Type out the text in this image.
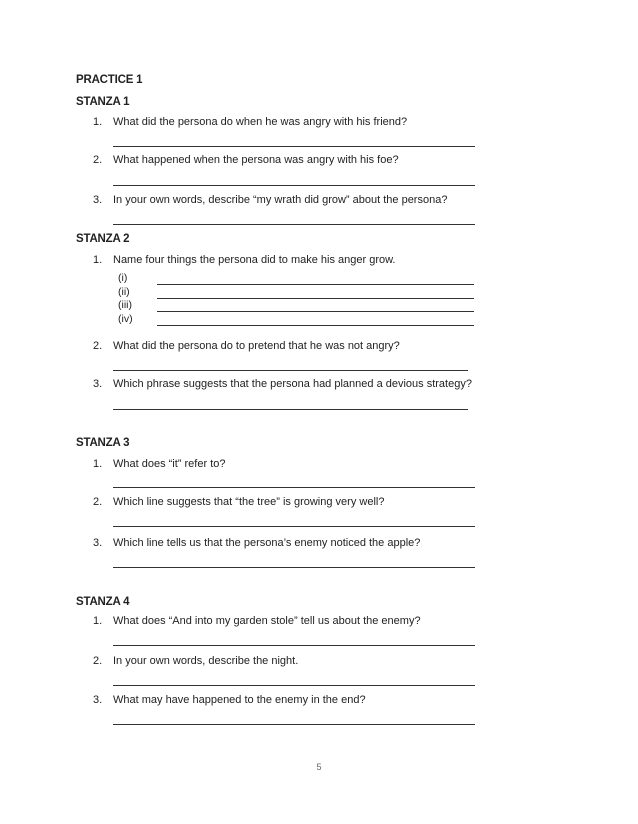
PRACTICE 1
STANZA 1
1. What did the persona do when he was angry with his friend?
2. What happened when the persona was angry with his foe?
3. In your own words, describe “my wrath did grow” about the persona?
STANZA 2
1. Name four things the persona did to make his anger grow.
(i)
(ii)
(iii)
(iv)
2. What did the persona do to pretend that he was not angry?
3. Which phrase suggests that the persona had planned a devious strategy?
STANZA 3
1. What does “it” refer to?
2. Which line suggests that “the tree” is growing very well?
3. Which line tells us that the persona’s enemy noticed the apple?
STANZA 4
1. What does “And into my garden stole” tell us about the enemy?
2. In your own words, describe the night.
3. What may have happened to the enemy in the end?
5
